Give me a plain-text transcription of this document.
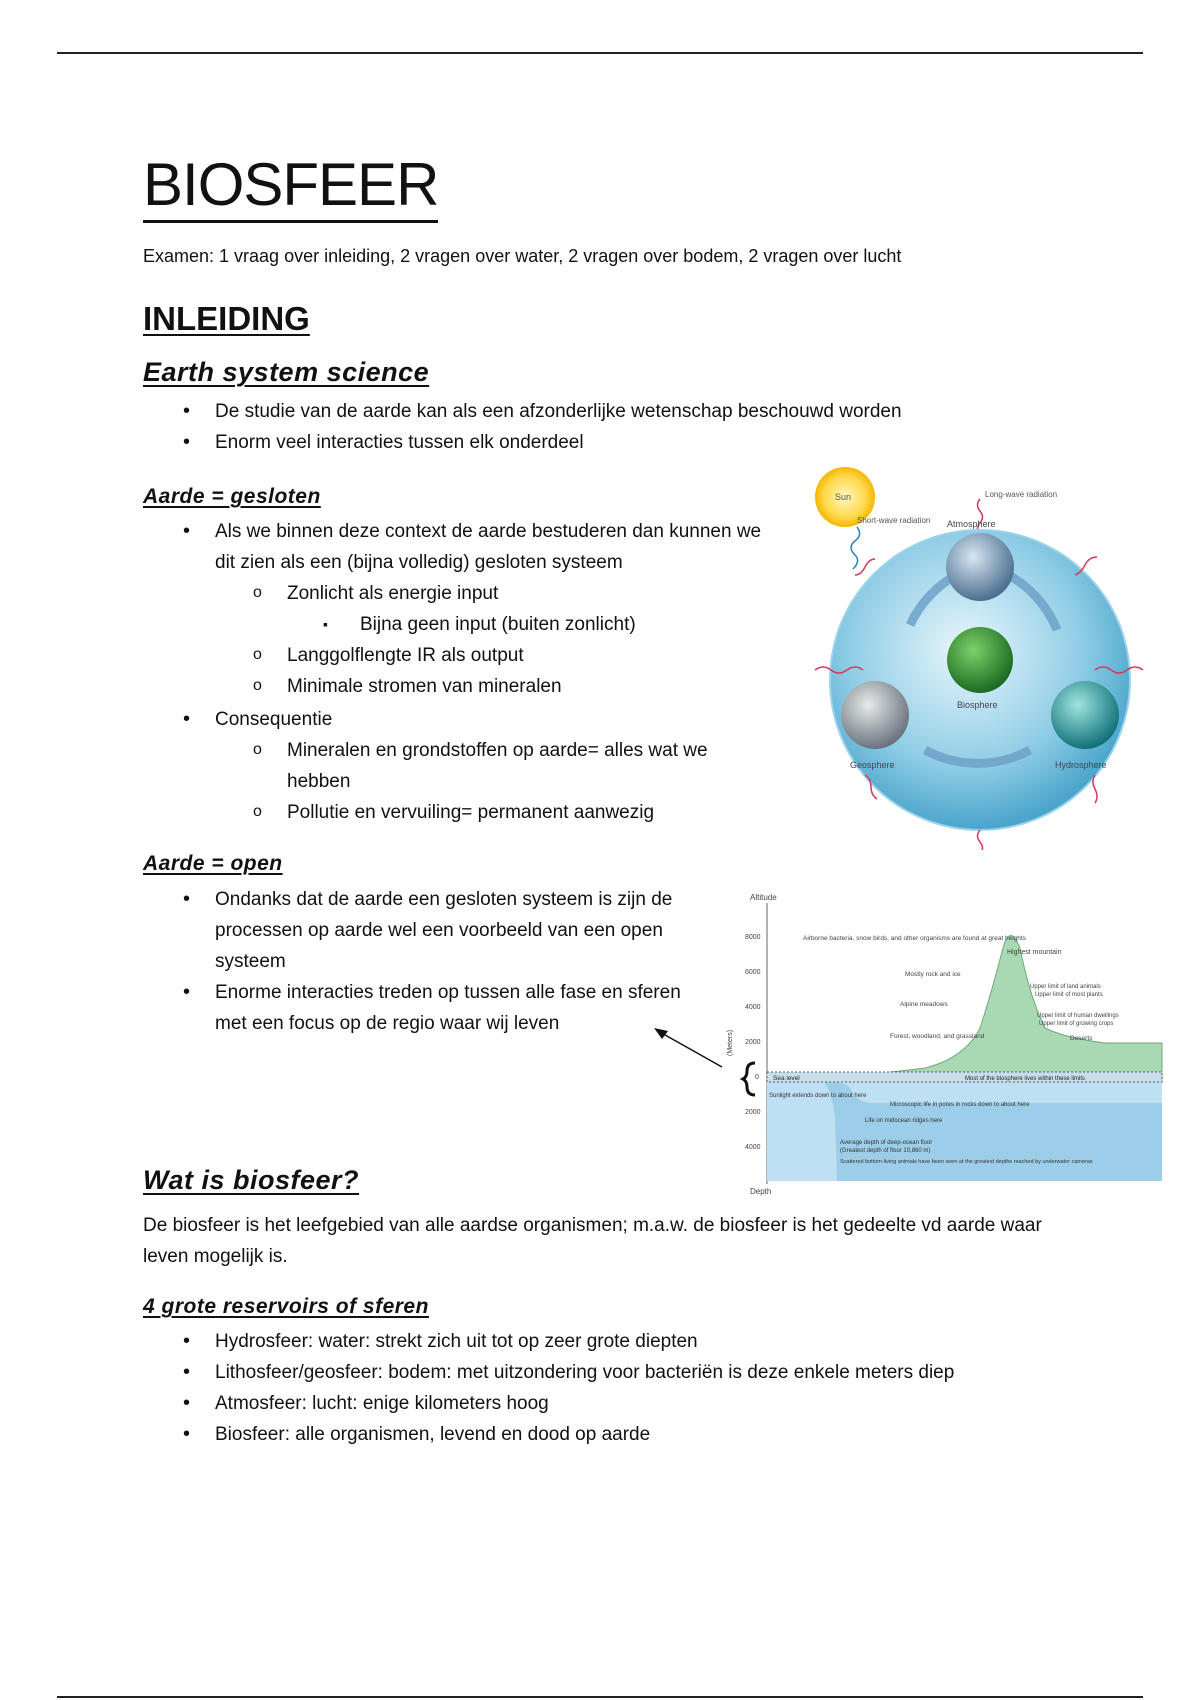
BIOSFEER
Examen: 1 vraag over inleiding, 2 vragen over water, 2 vragen over bodem, 2 vragen over lucht
INLEIDING
Earth system science
• De studie van de aarde kan als een afzonderlijke wetenschap beschouwd worden
• Enorm veel interacties tussen elk onderdeel
Aarde = gesloten
• Als we binnen deze context de aarde bestuderen dan kunnen we dit zien als een (bijna volledig) gesloten systeem
o Zonlicht als energie input
▪ Bijna geen input (buiten zonlicht)
o Langgolflengte IR als output
o Minimale stromen van mineralen
• Consequentie
o Mineralen en grondstoffen op aarde= alles wat we hebben
o Pollutie en vervuiling= permanent aanwezig
Sun
Short-wave radiation
Long-wave radiation
Atmosphere
Biosphere
Geosphere	Hydrosphere
Aarde = open
• Ondanks dat de aarde een gesloten systeem is zijn de processen op aarde wel een voorbeeld van een open systeem
• Enorme interacties treden op tussen alle fase en sferen met een focus op de regio waar wij leven
Altitude
Depth
(Meters)
8000
6000
4000
2000
0
2000
4000
Airborne bacteria, snow birds, and other organisms are found at great heights
Highest mountain
Mostly rock and ice
Alpine meadows
Upper limit of land animals
Upper limit of most plants
Upper limit of human dwellings
Upper limit of growing crops
Forest, woodland, and grassland	Deserts
Sea level	Most of the biosphere lives within these limits
Sunlight extends down to about here
Microscopic life in pores in rocks down to about here
Life on midocean ridges here
Average depth of deep-ocean floor
(Greatest depth of floor 10,860 m)
Scattered bottom-living animals have been seen at the greatest depths reached by underwater cameras
Wat is biosfeer?

De biosfeer is het leefgebied van alle aardse organismen; m.a.w. de biosfeer is het gedeelte vd aarde waar leven mogelijk is.

4 grote reservoirs of sferen
• Hydrosfeer: water: strekt zich uit tot op zeer grote diepten
• Lithosfeer/geosfeer: bodem: met uitzondering voor bacteriën is deze enkele meters diep
• Atmosfeer: lucht: enige kilometers hoog
• Biosfeer: alle organismen, levend en dood op aarde
